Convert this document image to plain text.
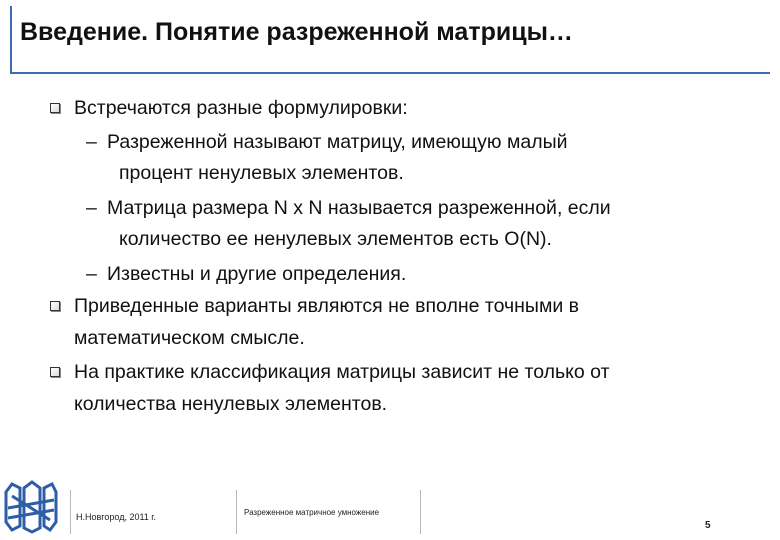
Введение. Понятие разреженной матрицы…
Встречаются разные формулировки:
– Разреженной называют матрицу, имеющую малый
процент ненулевых элементов.
– Матрица размера N x N называется разреженной, если
количество ее ненулевых элементов есть O(N).
– Известны и другие определения.
Приведенные варианты являются не вполне точными в
математическом смысле.
На практике классификация матрицы зависит не только от
количества ненулевых элементов.
Н.Новгород, 2011 г.	Разреженное матричное умножение
5
